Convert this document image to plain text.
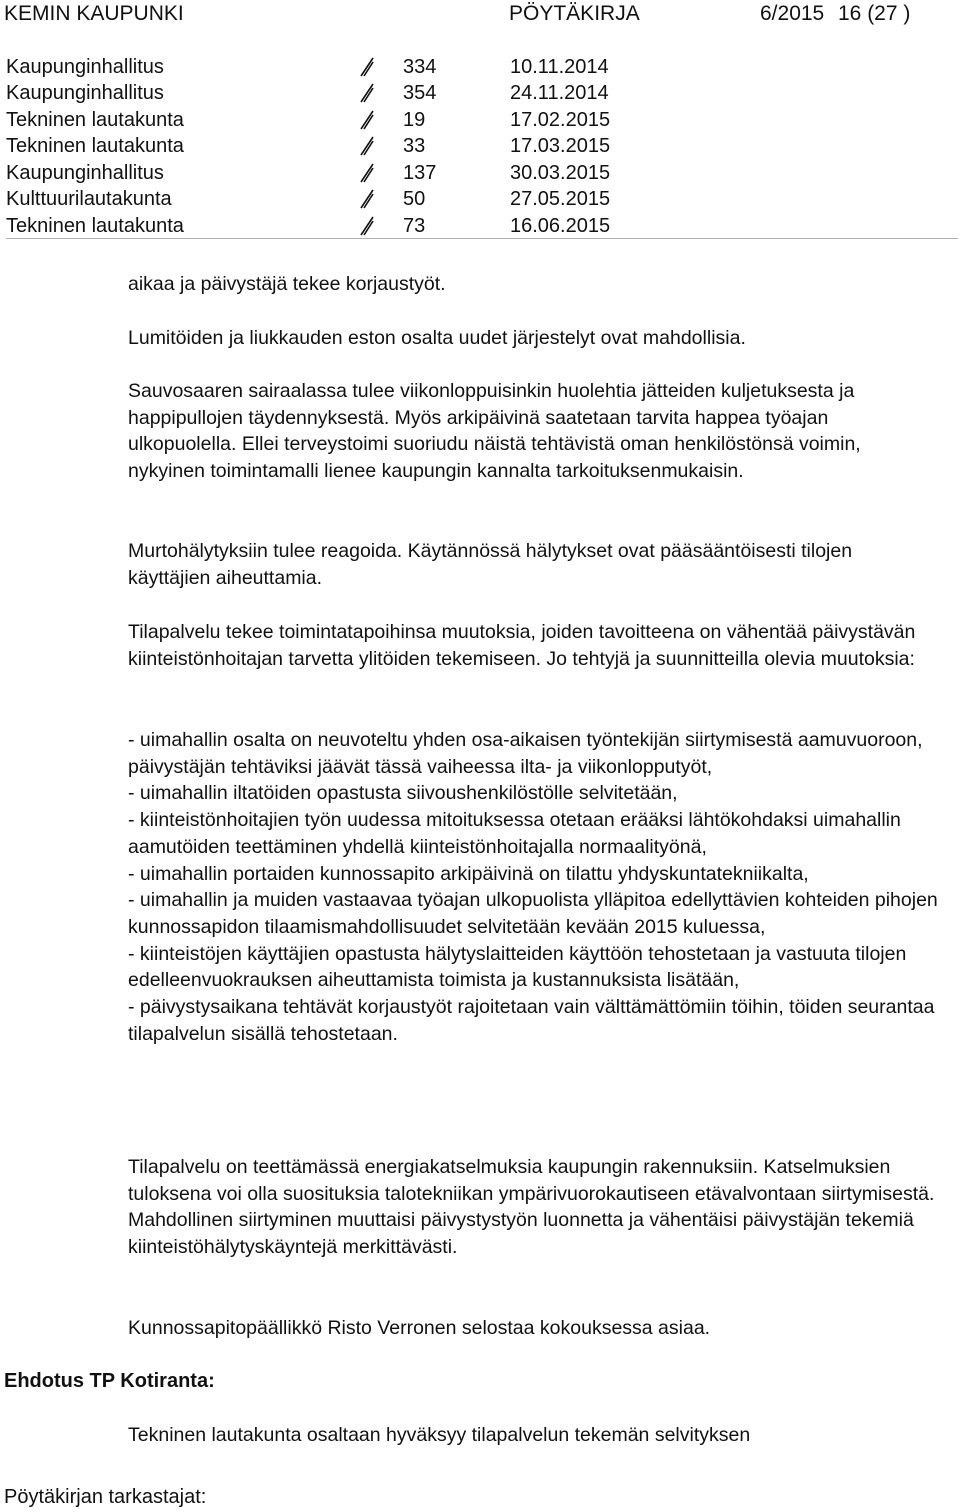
KEMIN KAUPUNKI	PÖYTÄKIRJA	6/2015 16 (27 )
Kaupunginhallitus	334	10.11.2014
Kaupunginhallitus	354	24.11.2014
Tekninen lautakunta	19	17.02.2015
Tekninen lautakunta	33	17.03.2015
Kaupunginhallitus	137	30.03.2015
Kulttuurilautakunta	50	27.05.2015
Tekninen lautakunta	73	16.06.2015

aikaa ja päivystäjä tekee korjaustyöt.

Lumitöiden ja liukkauden eston osalta uudet järjestelyt ovat mahdollisia.

Sauvosaaren sairaalassa tulee viikonloppuisinkin huolehtia jätteiden kuljetuksesta ja happipullojen täydennyksestä. Myös arkipäivinä saatetaan tarvita happea työajan ulkopuolella. Ellei terveystoimi suoriudu näistä tehtävistä oman henkilöstönsä voimin, nykyinen toimintamalli lienee kaupungin kannalta tarkoituksenmukaisin.

Murtohälytyksiin tulee reagoida. Käytännössä hälytykset ovat pääsääntöisesti tilojen käyttäjien aiheuttamia.

Tilapalvelu tekee toimintatapoihinsa muutoksia, joiden tavoitteena on vähentää päivystävän kiinteistönhoitajan tarvetta ylitöiden tekemiseen. Jo tehtyjä ja suunnitteilla olevia muutoksia:

- uimahallin osalta on neuvoteltu yhden osa-aikaisen työntekijän siirtymisestä aamuvuoroon, päivystäjän tehtäviksi jäävät tässä vaiheessa ilta- ja viikonlopputyöt,

- uimahallin iltatöiden opastusta siivoushenkilöstölle selvitetään,

- kiinteistönhoitajien työn uudessa mitoituksessa otetaan erääksi lähtökohdaksi uimahallin aamutöiden teettäminen yhdellä kiinteistönhoitajalla normaalityönä,

- uimahallin portaiden kunnossapito arkipäivinä on tilattu yhdyskuntatekniikalta,

- uimahallin ja muiden vastaavaa työajan ulkopuolista ylläpitoa edellyttävien kohteiden pihojen kunnossapidon tilaamismahdollisuudet selvitetään kevään 2015 kuluessa,

- kiinteistöjen käyttäjien opastusta hälytyslaitteiden käyttöön tehostetaan ja vastuuta tilojen edelleenvuokrauksen aiheuttamista toimista ja kustannuksista lisätään,

- päivystysaikana tehtävät korjaustyöt rajoitetaan vain välttämättömiin töihin, töiden seurantaa tilapalvelun sisällä tehostetaan.

Tilapalvelu on teettämässä energiakatselmuksia kaupungin rakennuksiin. Katselmuksien tuloksena voi olla suosituksia talotekniikan ympärivuorokautiseen etävalvontaan siirtymisestä. Mahdollinen siirtyminen muuttaisi päivystystyön luonnetta ja vähentäisi päivystäjän tekemiä kiinteistöhälytyskäyntejä merkittävästi.

Kunnossapitopäällikkö Risto Verronen selostaa kokouksessa asiaa.

Ehdotus TP Kotiranta:

Tekninen lautakunta osaltaan hyväksyy tilapalvelun tekemän selvityksen

Pöytäkirjan tarkastajat:
